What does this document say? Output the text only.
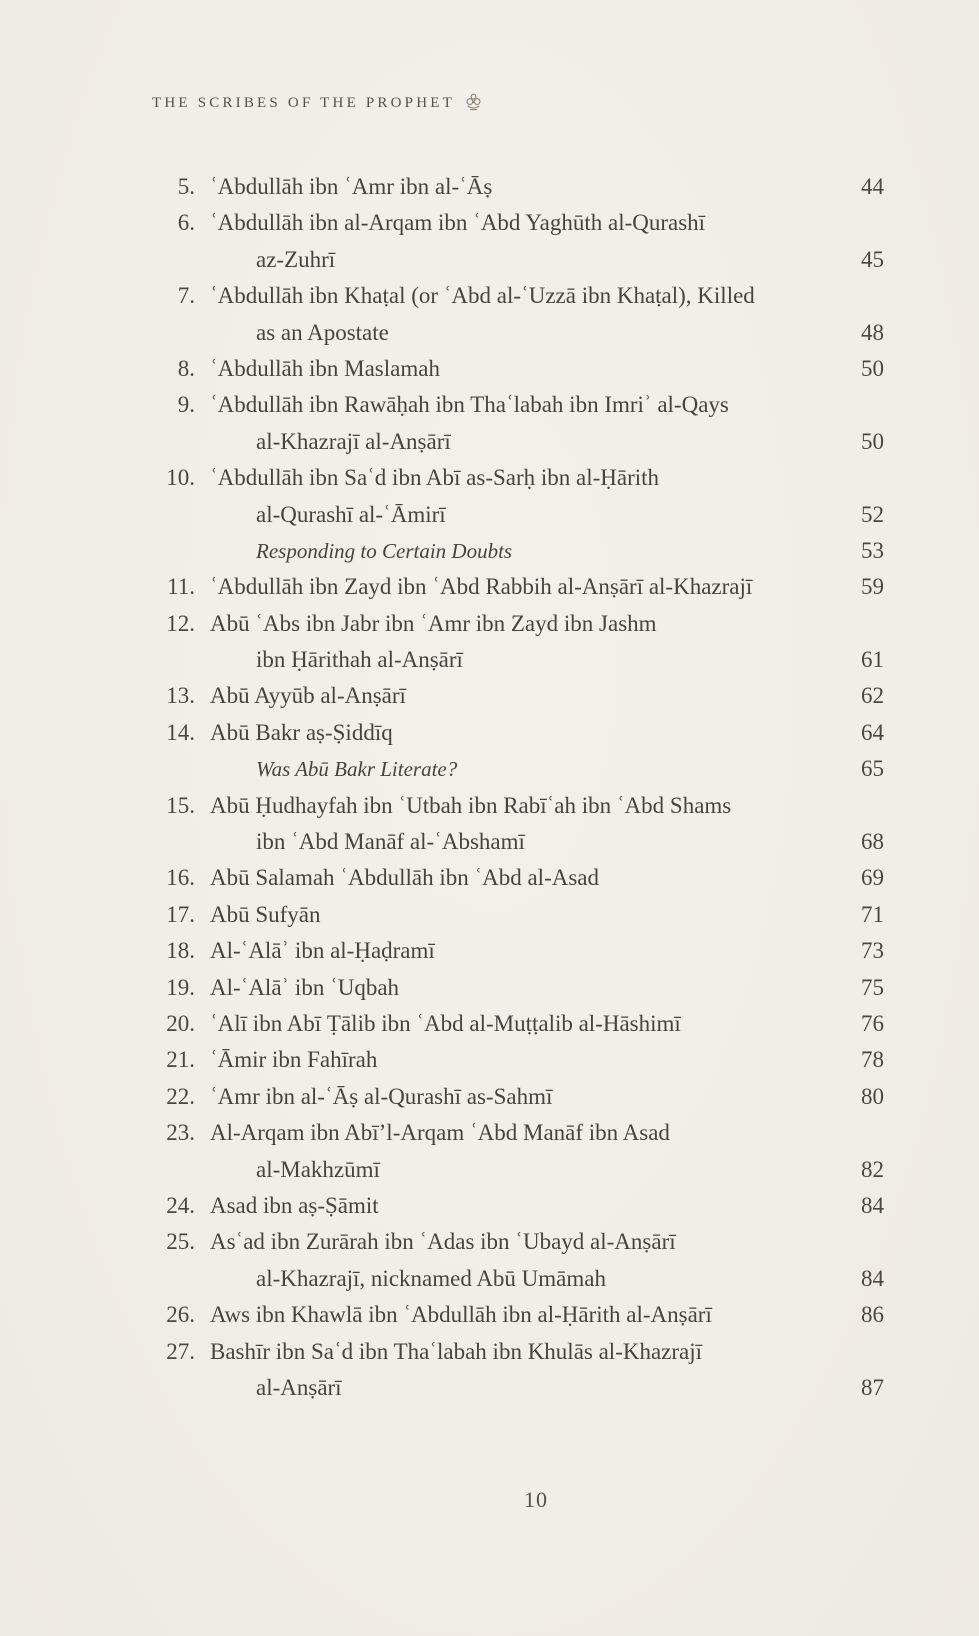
THE SCRIBES OF THE PROPHET
5. ʿAbdullāh ibn ʿAmr ibn al-ʿĀṣ	44
6. ʿAbdullāh ibn al-Arqam ibn ʿAbd Yaghūth al-Qurashī
az-Zuhrī	45
7. ʿAbdullāh ibn Khaṭal (or ʿAbd al-ʿUzzā ibn Khaṭal), Killed
as an Apostate	48
8. ʿAbdullāh ibn Maslamah	50
9. ʿAbdullāh ibn Rawāḥah ibn Thaʿlabah ibn Imriʾ al-Qays
al-Khazrajī al-Anṣārī	50
10. ʿAbdullāh ibn Saʿd ibn Abī as-Sarḥ ibn al-Ḥārith
al-Qurashī al-ʿĀmirī	52
Responding to Certain Doubts	53
11. ʿAbdullāh ibn Zayd ibn ʿAbd Rabbih al-Anṣārī al-Khazrajī	59
12. Abū ʿAbs ibn Jabr ibn ʿAmr ibn Zayd ibn Jashm
ibn Ḥārithah al-Anṣārī	61
13. Abū Ayyūb al-Anṣārī	62
14. Abū Bakr aṣ-Ṣiddīq	64
Was Abū Bakr Literate?	65
15. Abū Ḥudhayfah ibn ʿUtbah ibn Rabīʿah ibn ʿAbd Shams
ibn ʿAbd Manāf al-ʿAbshamī	68
16. Abū Salamah ʿAbdullāh ibn ʿAbd al-Asad	69
17. Abū Sufyān	71
18. Al-ʿAlāʾ ibn al-Ḥaḍramī	73
19. Al-ʿAlāʾ ibn ʿUqbah	75
20. ʿAlī ibn Abī Ṭālib ibn ʿAbd al-Muṭṭalib al-Hāshimī	76
21. ʿĀmir ibn Fahīrah	78
22. ʿAmr ibn al-ʿĀṣ al-Qurashī as-Sahmī	80
23. Al-Arqam ibn Abī’l-Arqam ʿAbd Manāf ibn Asad
al-Makhzūmī	82
24. Asad ibn aṣ-Ṣāmit	84
25. Asʿad ibn Zurārah ibn ʿAdas ibn ʿUbayd al-Anṣārī
al-Khazrajī, nicknamed Abū Umāmah	84
26. Aws ibn Khawlā ibn ʿAbdullāh ibn al-Ḥārith al-Anṣārī	86
27. Bashīr ibn Saʿd ibn Thaʿlabah ibn Khulās al-Khazrajī
al-Anṣārī	87
10
